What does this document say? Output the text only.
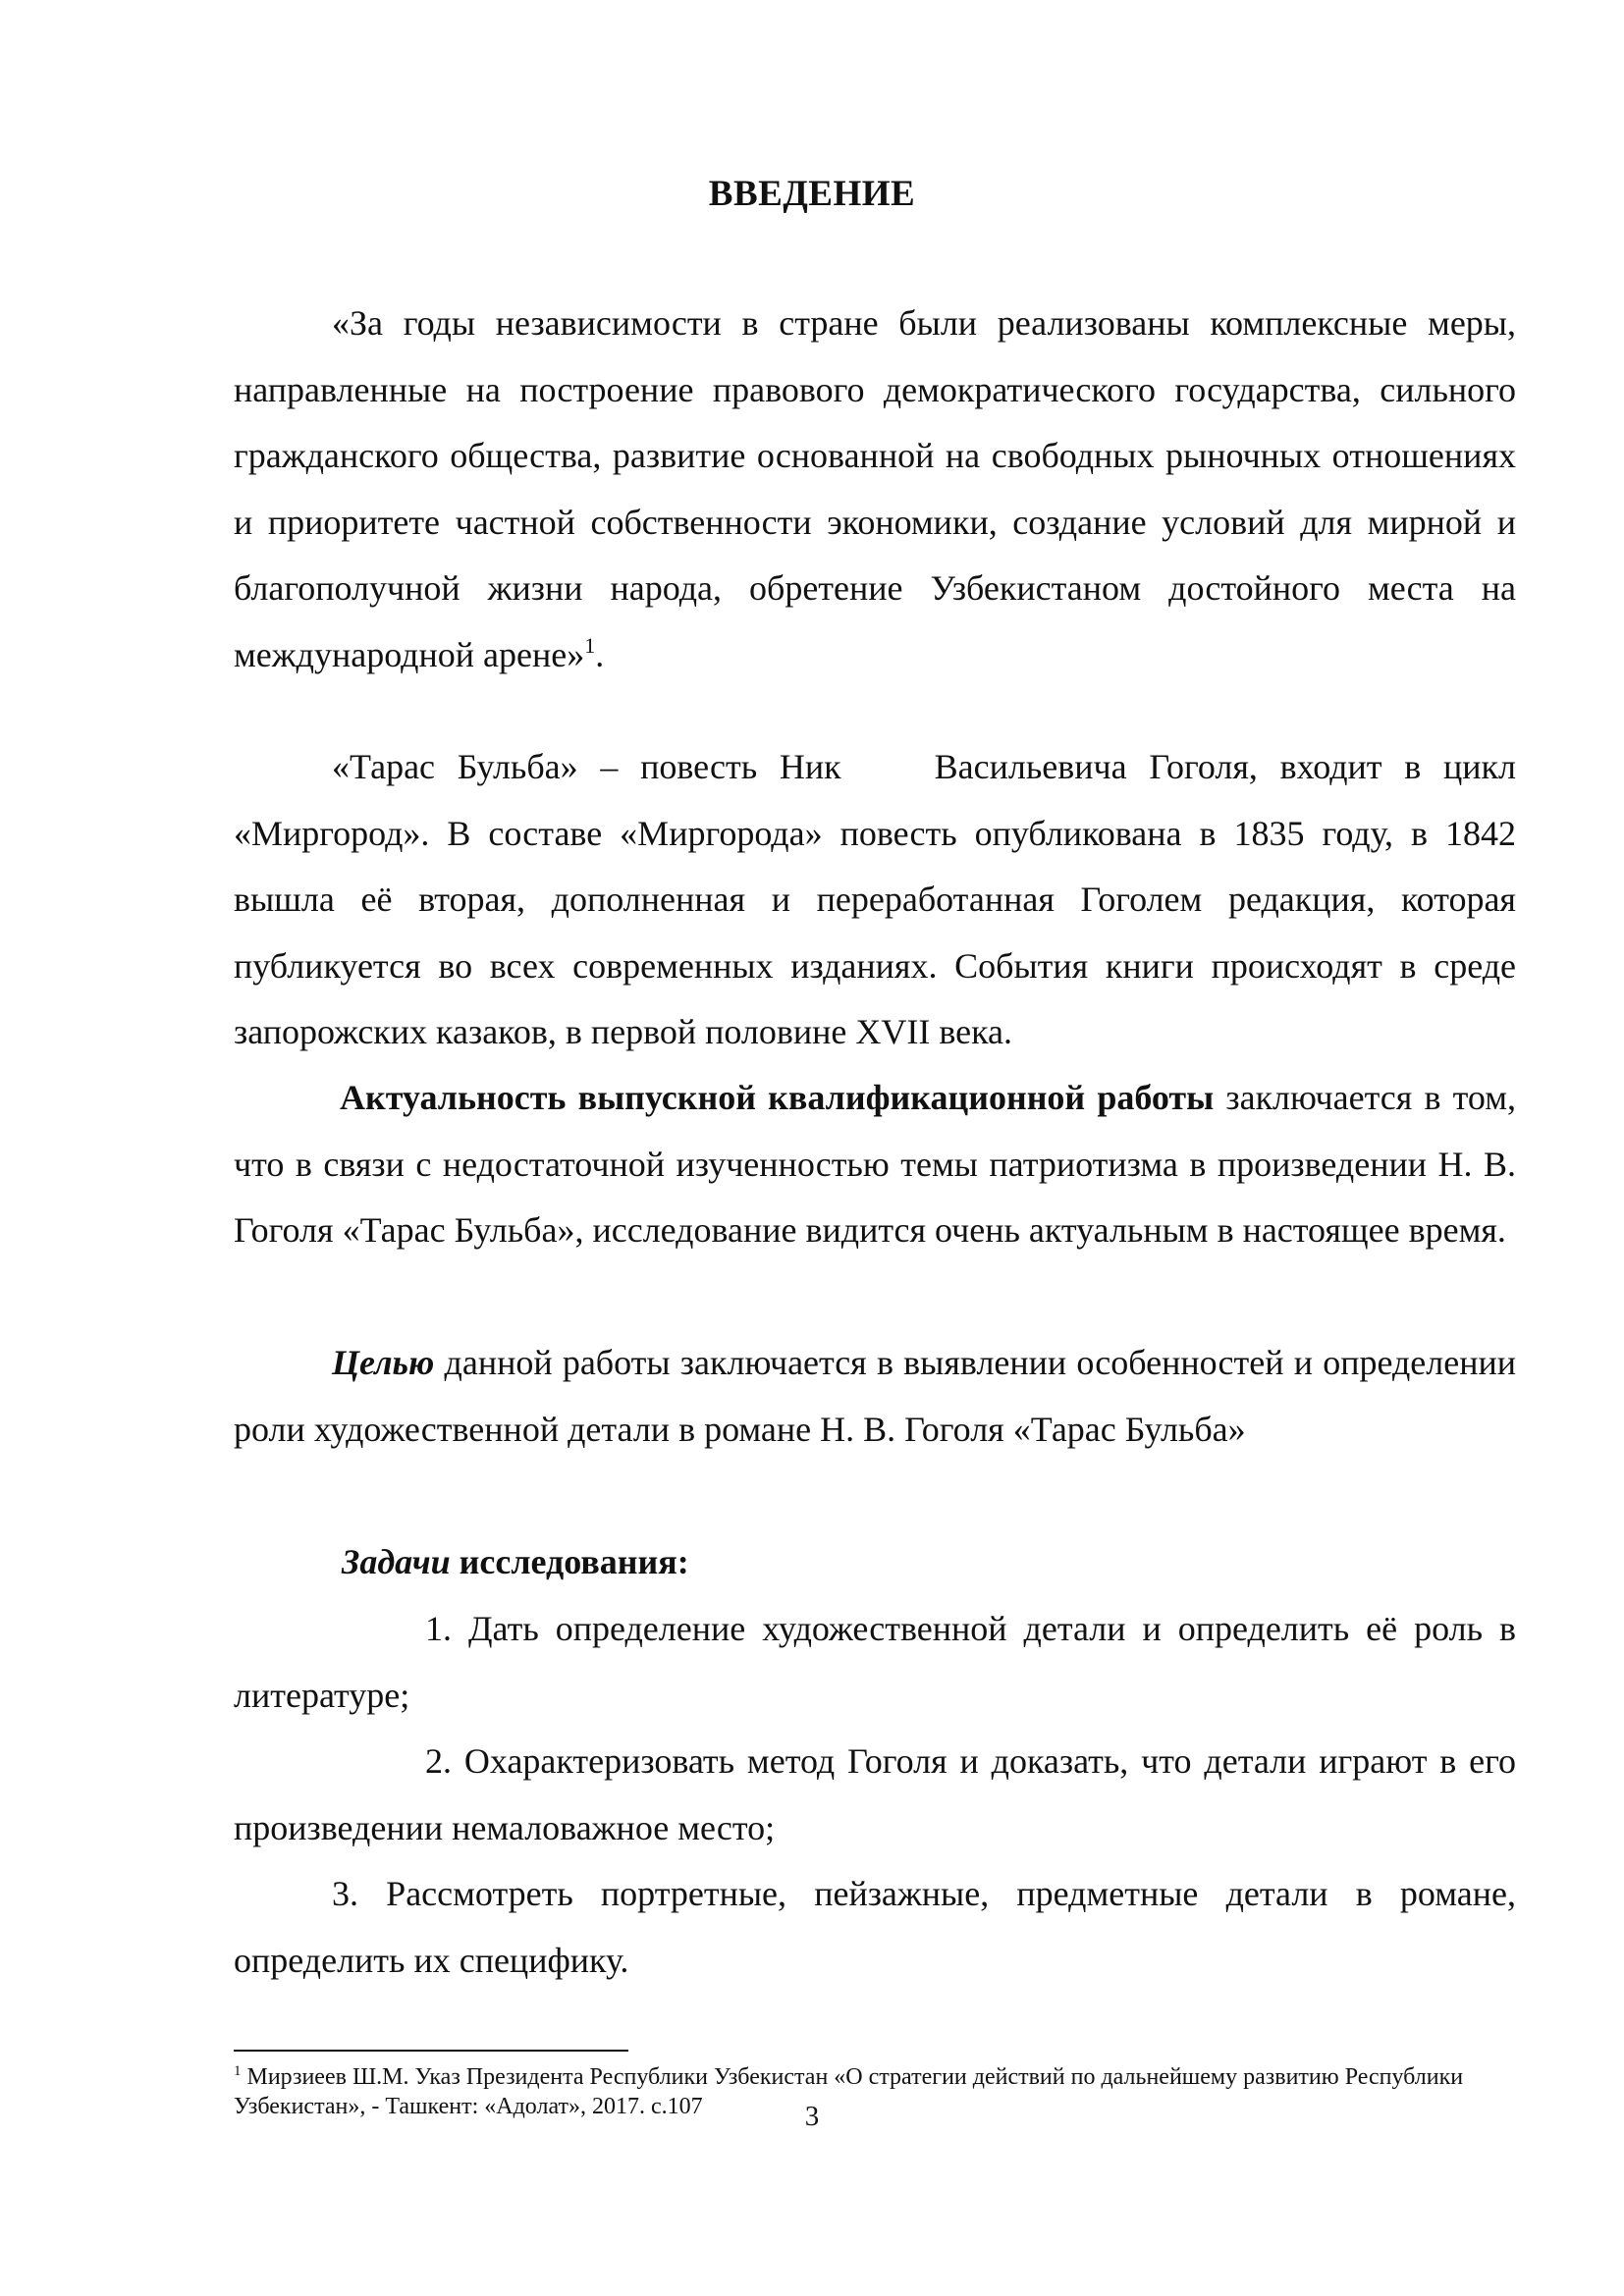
ВВЕДЕНИЕ

«За годы независимости в стране были реализованы комплексные меры, направленные на построение правового демократического государства, сильного гражданского общества, развитие основанной на свободных рыночных отношениях и приоритете частной собственности экономики, создание условий для мирной и благополучной жизни народа, обретение Узбекистаном достойного места на международной арене»$^1$.

«Тарас Бульба» – повесть Ник	Васильевича Гоголя, входит в цикл «Миргород». В составе «Миргорода» повесть опубликована в 1835 году, в 1842 вышла её вторая, дополненная и переработанная Гоголем редакция, которая публикуется во всех современных изданиях. События книги происходят в среде запорожских казаков, в первой половине XVII века.

Актуальность выпускной квалификационной работы заключается в том, что в связи с недостаточной изученностью темы патриотизма в произведении Н. В. Гоголя «Тарас Бульба», исследование видится очень актуальным в настоящее время.

Целью данной работы заключается в выявлении особенностей и определении роли художественной детали в романе Н. В. Гоголя «Тарас Бульба»

Задачи исследования:

1. Дать определение художественной детали и определить её роль в литературе;

2. Охарактеризовать метод Гоголя и доказать, что детали играют в его произведении немаловажное место;

3. Рассмотреть портретные, пейзажные, предметные детали в романе, определить их специфику.

$^1$ Мирзиеев Ш.М. Указ Президента Республики Узбекистан «О стратегии действий по дальнейшему развитию Республики Узбекистан», - Ташкент: «Адолат», 2017. с.107	3
